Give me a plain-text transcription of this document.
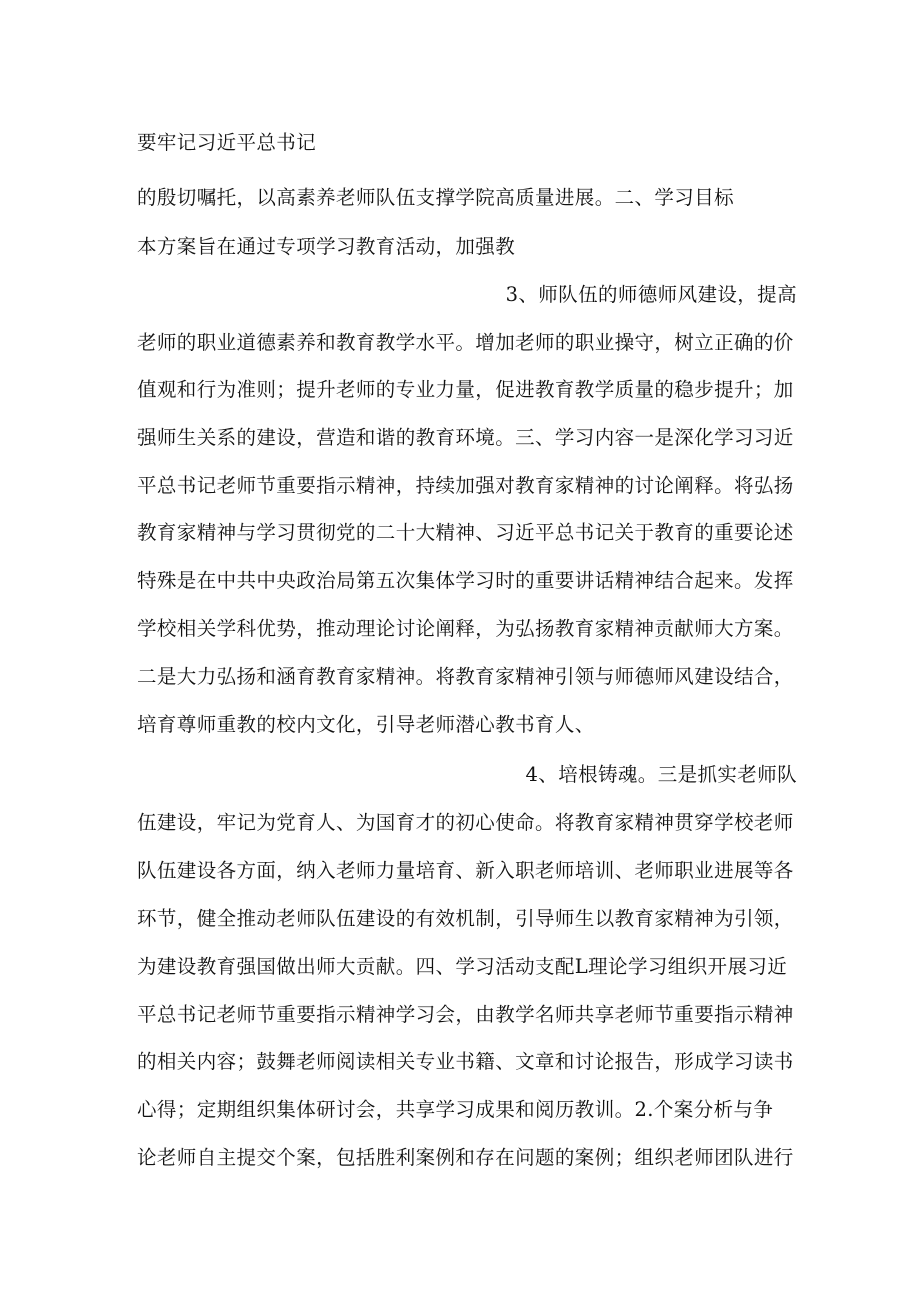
要牢记习近平总书记
的殷切嘱托，以高素养老师队伍支撑学院高质量进展。二、学习目标
本方案旨在通过专项学习教育活动，加强教
3、师队伍的师德师风建设，提高
老师的职业道德素养和教育教学水平。增加老师的职业操守，树立正确的价
值观和行为准则；提升老师的专业力量，促进教育教学质量的稳步提升；加
强师生关系的建设，营造和谐的教育环境。三、学习内容一是深化学习习近
平总书记老师节重要指示精神，持续加强对教育家精神的讨论阐释。将弘扬
教育家精神与学习贯彻党的二十大精神、习近平总书记关于教育的重要论述
特殊是在中共中央政治局第五次集体学习时的重要讲话精神结合起来。发挥
学校相关学科优势，推动理论讨论阐释，为弘扬教育家精神贡献师大方案。
二是大力弘扬和涵育教育家精神。将教育家精神引领与师德师风建设结合，
培育尊师重教的校内文化，引导老师潜心教书育人、
4、培根铸魂。三是抓实老师队
伍建设，牢记为党育人、为国育才的初心使命。将教育家精神贯穿学校老师
队伍建设各方面，纳入老师力量培育、新入职老师培训、老师职业进展等各
环节，健全推动老师队伍建设的有效机制，引导师生以教育家精神为引领，
为建设教育强国做出师大贡献。四、学习活动支配L理论学习组织开展习近
平总书记老师节重要指示精神学习会，由教学名师共享老师节重要指示精神
的相关内容；鼓舞老师阅读相关专业书籍、文章和讨论报告，形成学习读书
心得；定期组织集体研讨会，共享学习成果和阅历教训。2.个案分析与争
论老师自主提交个案，包括胜利案例和存在问题的案例；组织老师团队进行
